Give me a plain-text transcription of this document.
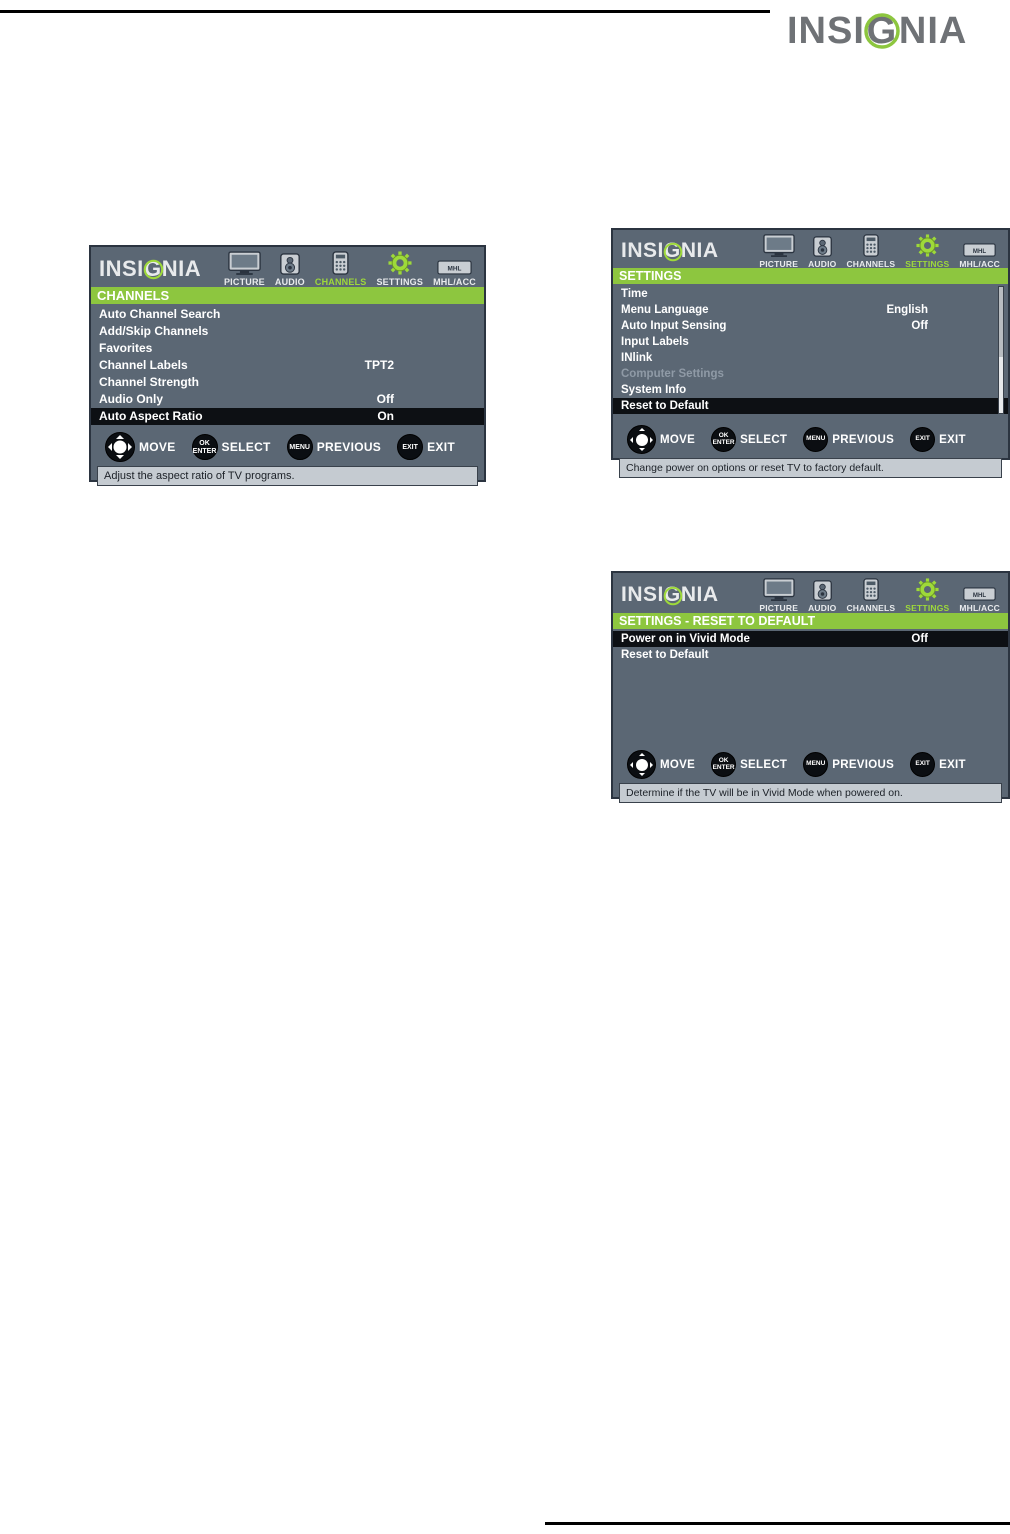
INSIG
NIA
INSIG
NIA
PICTURE AUDIO CHANNELS SETTINGS
MHL
MHL/ACC
CHANNELS
Auto Channel Search
Add/Skip Channels
Favorites
Channel Labels	TPT2
Channel Strength
Audio Only	Off
Auto Aspect Ratio	On
MOVE	OK
ENTER SELECT	MENU PREVIOUS	EXIT EXIT
Adjust the aspect ratio of TV programs.
INSIG
NIA
PICTURE AUDIO CHANNELS SETTINGS
MHL
MHL/ACC
SETTINGS
Time
Menu Language	English
Auto Input Sensing	Off
Input Labels
INlink
Computer Settings
System Info
Reset to Default
MOVE	OK
ENTER SELECT	MENU PREVIOUS	EXIT EXIT
Change power on options or reset TV to factory default.
INSIG
NIA
PICTURE AUDIO CHANNELS SETTINGS
MHL
MHL/ACC
SETTINGS - RESET TO DEFAULT
Power on in Vivid Mode	Off
Reset to Default
MOVE	OK
ENTER SELECT	MENU PREVIOUS	EXIT EXIT
Determine if the TV will be in Vivid Mode when powered on.
